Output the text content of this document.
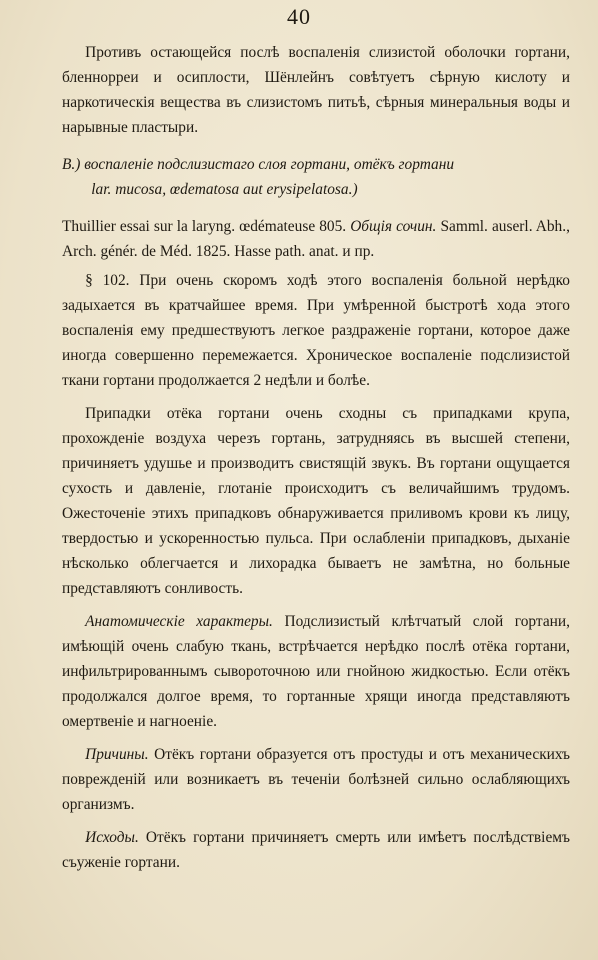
40

Противъ остающейся послѣ воспаленія слизистой оболочки гортани, бленнорреи и осиплости, Шёнлейнъ совѣтуетъ сѣрную кислоту и наркотическія вещества въ слизистомъ питьѣ, сѣрныя минеральныя воды и нарывные пластыри.

B.) воспаленіе подслизистаго слоя гортани, отёкъ гортани

lar. mucosa, œdematosa aut erysipelatosa.)

Thuillier essai sur la laryng. œdémateuse 805. Общія сочин. Samml. auserl. Abh., Arch. génér. de Méd. 1825. Hasse path. anat. и пр.

§ 102. При очень скоромъ ходѣ этого воспаленія больной нерѣдко задыхается въ кратчайшее время. При умѣренной быстротѣ хода этого воспаленія ему предшествуютъ легкое раздраженіе гортани, которое даже иногда совершенно перемежается. Хроническое воспаленіе подслизистой ткани гортани продолжается 2 недѣли и болѣе.

Припадки отёка гортани очень сходны съ припадками крупа, прохожденіе воздуха черезъ гортань, затрудняясь въ высшей степени, причиняетъ удушье и производитъ свистящій звукъ. Въ гортани ощущается сухость и давленіе, глотаніе происходитъ съ величайшимъ трудомъ. Ожесточеніе этихъ припадковъ обнаруживается приливомъ крови къ лицу, твердостью и ускоренностью пульса. При ослабленіи припадковъ, дыханіе нѣсколько облегчается и лихорадка бываетъ не замѣтна, но больные представляютъ сонливость.

Анатомическіе характеры. Подслизистый клѣтчатый слой гортани, имѣющій очень слабую ткань, встрѣчается нерѣдко послѣ отёка гортани, инфильтрированнымъ сывороточною или гнойною жидкостью. Если отёкъ продолжался долгое время, то гортанные хрящи иногда представляютъ омертвеніе и нагноеніе.

Причины. Отёкъ гортани образуется отъ простуды и отъ механическихъ поврежденій или возникаетъ въ теченіи болѣзней сильно ослабляющихъ организмъ.

Исходы. Отёкъ гортани причиняетъ смерть или имѣетъ послѣдствіемъ съуженіе гортани.
